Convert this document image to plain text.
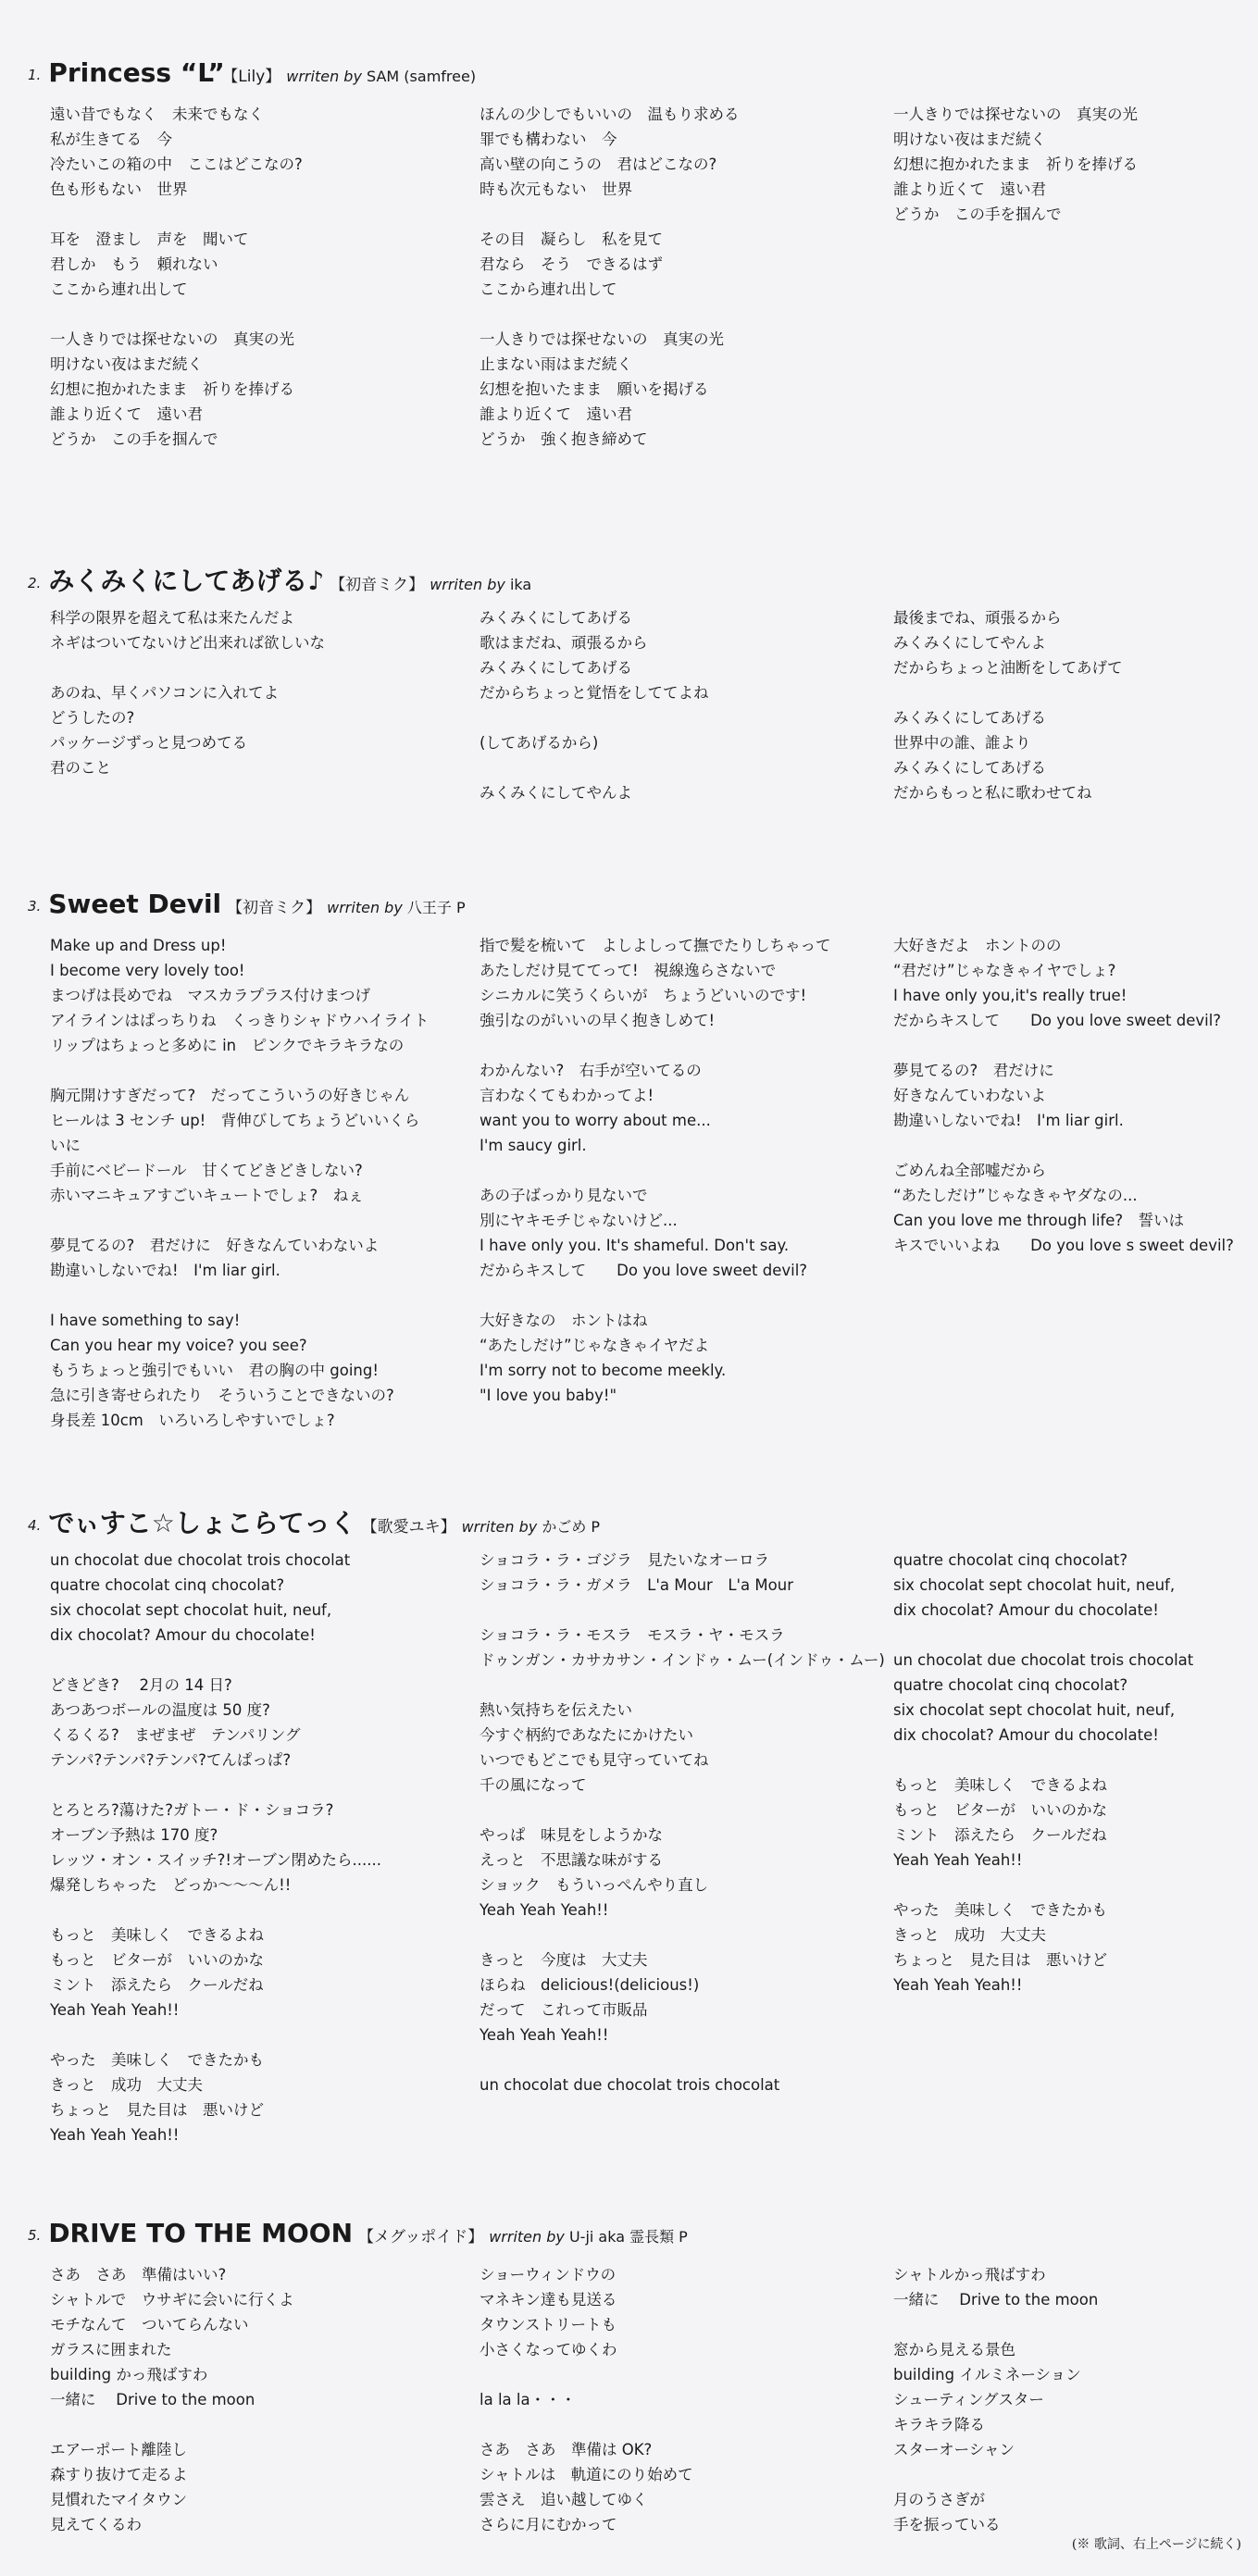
1. Princess “L” 【Lily】 wrriten by SAM (samfree)
遠い昔でもなく　未来でもなく
私が生きてる　今
冷たいこの箱の中　ここはどこなの?
色も形もない　世界
耳を　澄まし　声を　聞いて
君しか　もう　頼れない
ここから連れ出して
一人きりでは探せないの　真実の光
明けない夜はまだ続く
幻想に抱かれたまま　祈りを捧げる
誰より近くて　遠い君
どうか　この手を掴んで
ほんの少しでもいいの　温もり求める
罪でも構わない　今
高い壁の向こうの　君はどこなの?
時も次元もない　世界
その目　凝らし　私を見て
君なら　そう　できるはず
ここから連れ出して
一人きりでは探せないの　真実の光
止まない雨はまだ続く
幻想を抱いたまま　願いを掲げる
誰より近くて　遠い君
どうか　強く抱き締めて
一人きりでは探せないの　真実の光
明けない夜はまだ続く
幻想に抱かれたまま　祈りを捧げる
誰より近くて　遠い君
どうか　この手を掴んで
2. みくみくにしてあげる♪ 【初音ミク】 wrriten by ika
科学の限界を超えて私は来たんだよ
ネギはついてないけど出来れば欲しいな
あのね、早くパソコンに入れてよ
どうしたの?
パッケージずっと見つめてる
君のこと
みくみくにしてあげる
歌はまだね、頑張るから
みくみくにしてあげる
だからちょっと覚悟をしててよね
(してあげるから)
みくみくにしてやんよ
最後までね、頑張るから
みくみくにしてやんよ
だからちょっと油断をしてあげて
みくみくにしてあげる
世界中の誰、誰より
みくみくにしてあげる
だからもっと私に歌わせてね
3. Sweet Devil 【初音ミク】 wrriten by 八王子 P
Make up and Dress up!
I become very lovely too!
まつげは長めでね　マスカラプラス付けまつげ
アイラインはぱっちりね　くっきりシャドウハイライト
リップはちょっと多めに in　ピンクでキラキラなの
胸元開けすぎだって?　だってこういうの好きじゃん
ヒールは 3 センチ up!　背伸びしてちょうどいいくら
いに
手前にベビードール　甘くてどきどきしない?
赤いマニキュアすごいキュートでしょ?　ねぇ
夢見てるの?　君だけに　好きなんていわないよ
勘違いしないでね!　I'm liar girl.
I have something to say!
Can you hear my voice? you see?
もうちょっと強引でもいい　君の胸の中 going!
急に引き寄せられたり　そういうことできないの?
身長差 10cm　いろいろしやすいでしょ?
指で髪を梳いて　よしよしって撫でたりしちゃって
あたしだけ見ててって!　視線逸らさないで
シニカルに笑うくらいが　ちょうどいいのです!
強引なのがいいの早く抱きしめて!
わかんない?　右手が空いてるの
言わなくてもわかってよ!
want you to worry about me...
I'm saucy girl.
あの子ばっかり見ないで
別にヤキモチじゃないけど...
I have only you. It's shameful. Don't say.
だからキスして　　Do you love sweet devil?
大好きなの　ホントはね
“あたしだけ”じゃなきゃイヤだよ
I'm sorry not to become meekly.
"I love you baby!"
大好きだよ　ホントのの
“君だけ”じゃなきゃイヤでしょ?
I have only you,it's really true!
だからキスして　　Do you love sweet devil?
夢見てるの?　君だけに
好きなんていわないよ
勘違いしないでね!　I'm liar girl.
ごめんね全部嘘だから
“あたしだけ”じゃなきゃヤダなの...
Can you love me through life?　誓いは
キスでいいよね　　Do you love s sweet devil?
4. でぃすこ☆しょこらてっく 【歌愛ユキ】 wrriten by かごめ P
un chocolat due chocolat trois chocolat
quatre chocolat cinq chocolat?
six chocolat sept chocolat huit, neuf,
dix chocolat? Amour du chocolate!
どきどき?　 2月の 14 日?
あつあつボールの温度は 50 度?
くるくる?　まぜまぜ　テンパリング
テンパ?テンパ?テンパ?てんぱっぱ?
とろとろ?蕩けた?ガトー・ド・ショコラ?
オーブン予熱は 170 度?
レッツ・オン・スイッチ?!オーブン閉めたら......
爆発しちゃった　どっか〜〜〜ん!!
もっと　美味しく　できるよね
もっと　ビターが　いいのかな
ミント　添えたら　クールだね
Yeah Yeah Yeah!!
やった　美味しく　できたかも
きっと　成功　大丈夫
ちょっと　見た目は　悪いけど
Yeah Yeah Yeah!!
ショコラ・ラ・ゴジラ　見たいなオーロラ
ショコラ・ラ・ガメラ　L'a Mour　L'a Mour
ショコラ・ラ・モスラ　モスラ・ヤ・モスラ
ドゥンガン・カサカサン・インドゥ・ムー(インドゥ・ムー)
熱い気持ちを伝えたい
今すぐ柄約であなたにかけたい
いつでもどこでも見守っていてね
千の風になって
やっぱ　味見をしようかな
えっと　不思議な味がする
ショック　もういっぺんやり直し
Yeah Yeah Yeah!!
きっと　今度は　大丈夫
ほらね　delicious!(delicious!)
だって　これって市販品
Yeah Yeah Yeah!!
un chocolat due chocolat trois chocolat
quatre chocolat cinq chocolat?
six chocolat sept chocolat huit, neuf,
dix chocolat? Amour du chocolate!
un chocolat due chocolat trois chocolat
quatre chocolat cinq chocolat?
six chocolat sept chocolat huit, neuf,
dix chocolat? Amour du chocolate!
もっと　美味しく　できるよね
もっと　ビターが　いいのかな
ミント　添えたら　クールだね
Yeah Yeah Yeah!!
やった　美味しく　できたかも
きっと　成功　大丈夫
ちょっと　見た目は　悪いけど
Yeah Yeah Yeah!!
5. DRIVE TO THE MOON 【メグッポイド】 wrriten by U-ji aka 霊長類 P
さあ　さあ　準備はいい?
シャトルで　ウサギに会いに行くよ
モチなんて　ついてらんない
ガラスに囲まれた
building かっ飛ばすわ
一緒に　 Drive to the moon
エアーポート離陸し
森すり抜けて走るよ
見慣れたマイタウン
見えてくるわ
ショーウィンドウの
マネキン達も見送る
タウンストリートも
小さくなってゆくわ
la la la・・・
さあ　さあ　準備は OK?
シャトルは　軌道にのり始めて
雲さえ　追い越してゆく
さらに月にむかって
シャトルかっ飛ばすわ
一緒に　 Drive to the moon
窓から見える景色
building イルミネーション
シューティングスター
キラキラ降る
スターオーシャン
月のうさぎが
手を振っている
(※ 歌詞、右上ページに続く)
